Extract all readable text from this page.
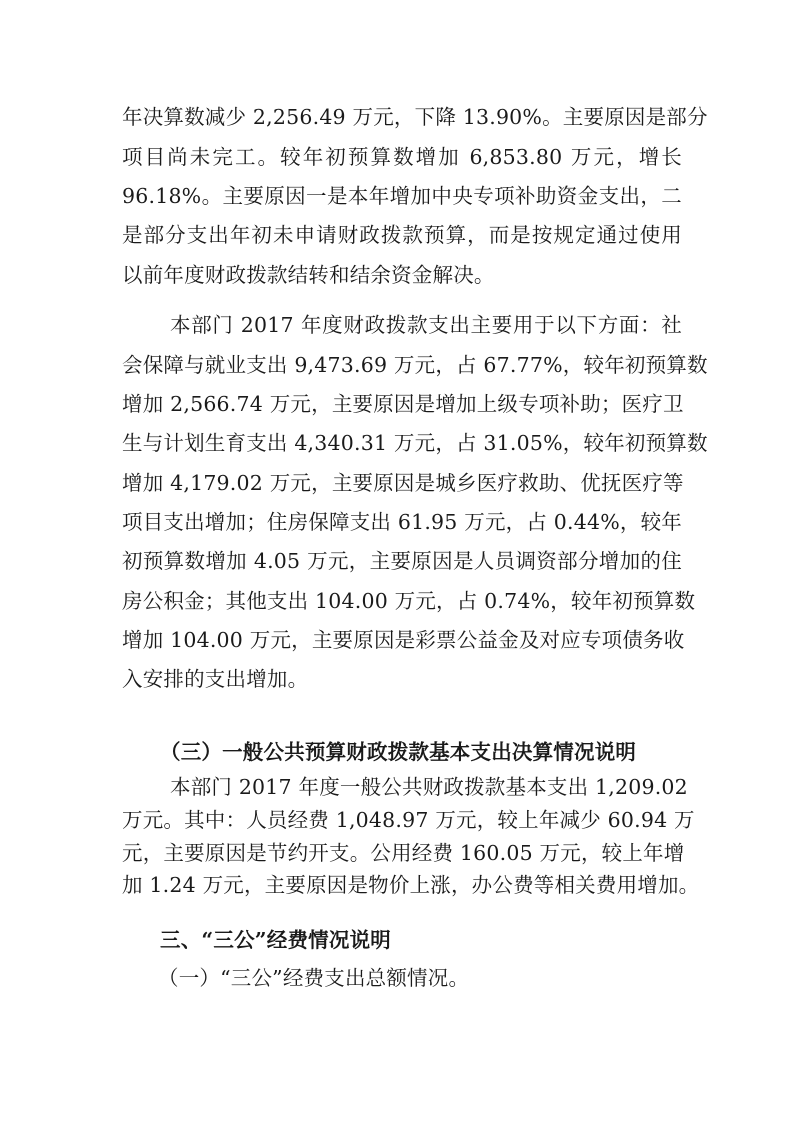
年决算数减少 2,256.49 万元，下降 13.90%。主要原因是部分
项目尚未完工。较年初预算数增加 6,853.80 万元，增长
96.18%。主要原因一是本年增加中央专项补助资金支出，二
是部分支出年初未申请财政拨款预算，而是按规定通过使用
以前年度财政拨款结转和结余资金解决。
本部门 2017 年度财政拨款支出主要用于以下方面：社
会保障与就业支出 9,473.69 万元，占 67.77%，较年初预算数
增加 2,566.74 万元，主要原因是增加上级专项补助；医疗卫
生与计划生育支出 4,340.31 万元，占 31.05%，较年初预算数
增加 4,179.02 万元，主要原因是城乡医疗救助、优抚医疗等
项目支出增加；住房保障支出 61.95 万元，占 0.44%，较年
初预算数增加 4.05 万元，主要原因是人员调资部分增加的住
房公积金；其他支出 104.00 万元，占 0.74%，较年初预算数
增加 104.00 万元，主要原因是彩票公益金及对应专项债务收
入安排的支出增加。
（三）一般公共预算财政拨款基本支出决算情况说明
本部门 2017 年度一般公共财政拨款基本支出 1,209.02
万元。其中：人员经费 1,048.97 万元，较上年减少 60.94 万
元，主要原因是节约开支。公用经费 160.05 万元，较上年增
加 1.24 万元，主要原因是物价上涨，办公费等相关费用增加。
三、“三公”经费情况说明
（一）“三公”经费支出总额情况。
